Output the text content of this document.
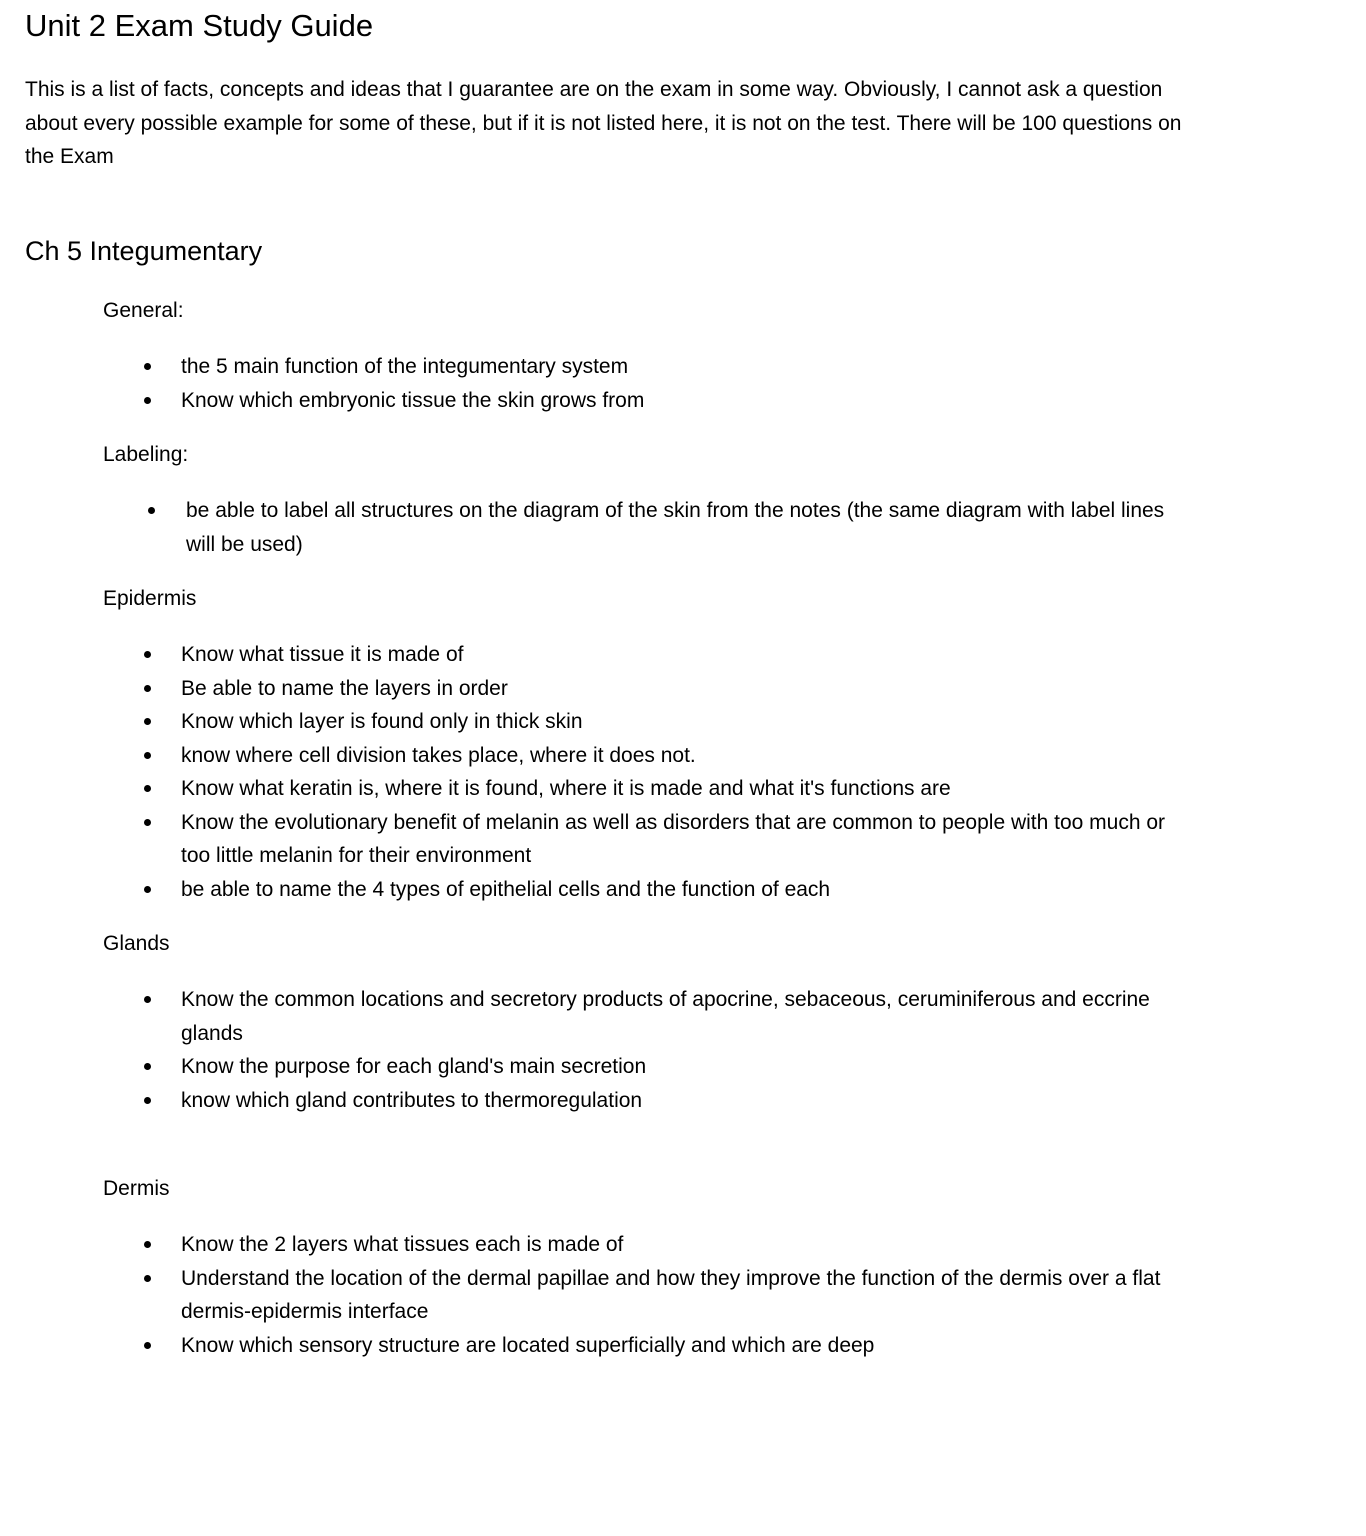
Unit 2 Exam Study Guide

This is a list of facts, concepts and ideas that I guarantee are on the exam in some way. Obviously, I cannot ask a question about every possible example for some of these, but if it is not listed here, it is not on the test. There will be 100 questions on the Exam

Ch 5 Integumentary
General:
the 5 main function of the integumentary system
Know which embryonic tissue the skin grows from
Labeling:
be able to label all structures on the diagram of the skin from the notes (the same diagram with label lines will be used)
Epidermis
Know what tissue it is made of
Be able to name the layers in order
Know which layer is found only in thick skin
know where cell division takes place, where it does not.
Know what keratin is, where it is found, where it is made and what it's functions are
Know the evolutionary benefit of melanin as well as disorders that are common to people with too much or too little melanin for their environment
be able to name the 4 types of epithelial cells and the function of each
Glands
Know the common locations and secretory products of apocrine, sebaceous, ceruminiferous and eccrine glands
Know the purpose for each gland's main secretion
know which gland contributes to thermoregulation
Dermis
Know the 2 layers what tissues each is made of
Understand the location of the dermal papillae and how they improve the function of the dermis over a flat dermis-epidermis interface
Know which sensory structure are located superficially and which are deep
